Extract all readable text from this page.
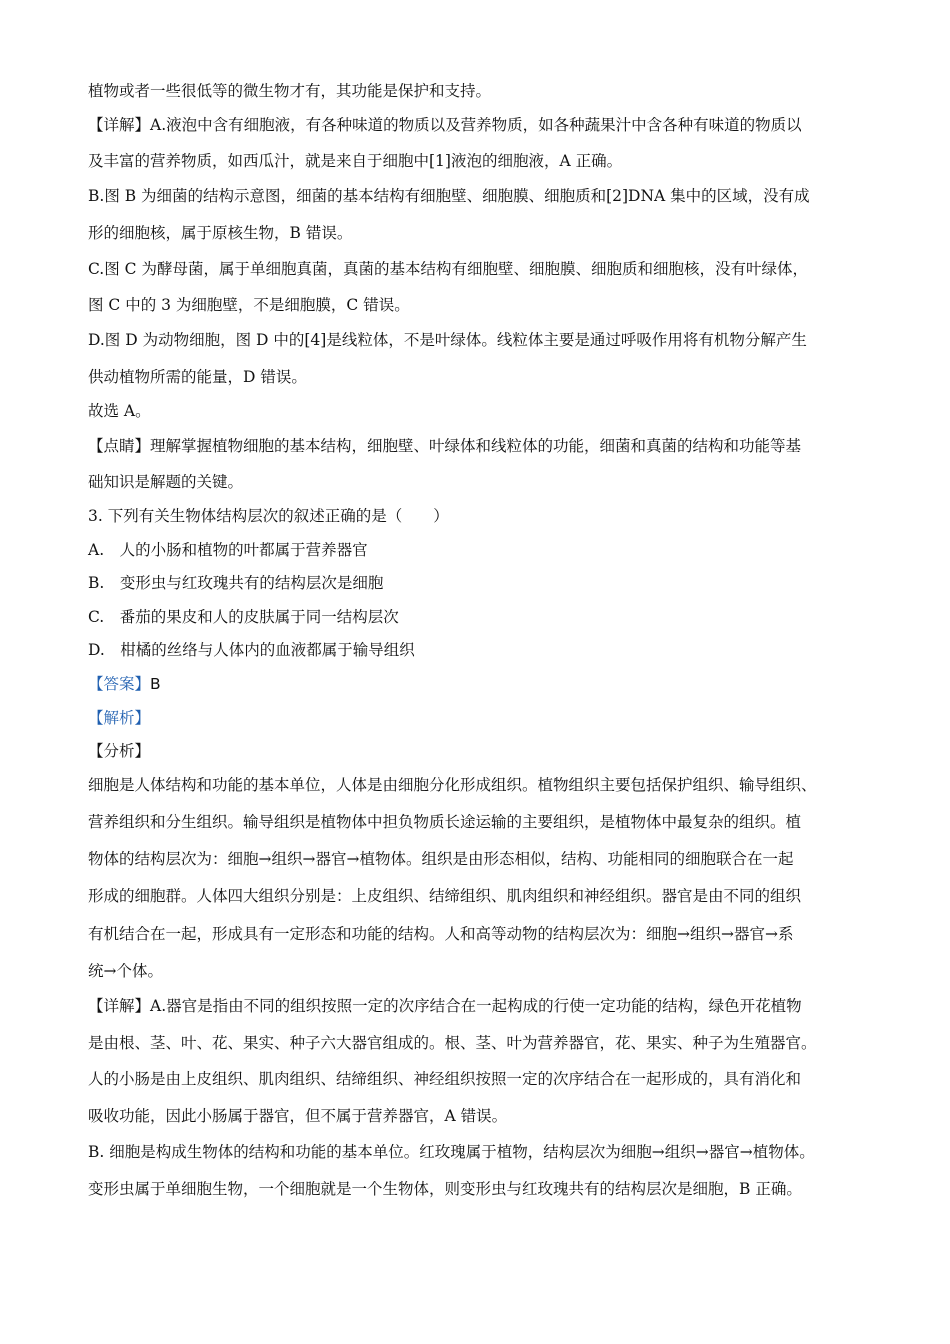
植物或者一些很低等的微生物才有，其功能是保护和支持。
【详解】A.液泡中含有细胞液，有各种味道的物质以及营养物质，如各种蔬果汁中含各种有味道的物质以
及丰富的营养物质，如西瓜汁，就是来自于细胞中[1]液泡的细胞液，A 正确。
B.图 B 为细菌的结构示意图，细菌的基本结构有细胞壁、细胞膜、细胞质和[2]DNA 集中的区域，没有成
形的细胞核，属于原核生物，B 错误。
C.图 C 为酵母菌，属于单细胞真菌，真菌的基本结构有细胞壁、细胞膜、细胞质和细胞核，没有叶绿体，
图 C 中的 3 为细胞壁，不是细胞膜，C 错误。
D.图 D 为动物细胞，图 D 中的[4]是线粒体，不是叶绿体。线粒体主要是通过呼吸作用将有机物分解产生
供动植物所需的能量，D 错误。
故选 A。
【点睛】理解掌握植物细胞的基本结构，细胞壁、叶绿体和线粒体的功能，细菌和真菌的结构和功能等基
础知识是解题的关键。
3. 下列有关生物体结构层次的叙述正确的是（　　）
A.　人的小肠和植物的叶都属于营养器官
B.　变形虫与红玫瑰共有的结构层次是细胞
C.　番茄的果皮和人的皮肤属于同一结构层次
D.　柑橘的丝络与人体内的血液都属于输导组织
【答案】B
【解析】
【分析】
细胞是人体结构和功能的基本单位，人体是由细胞分化形成组织。植物组织主要包括保护组织、输导组织、
营养组织和分生组织。输导组织是植物体中担负物质长途运输的主要组织，是植物体中最复杂的组织。植
物体的结构层次为：细胞→组织→器官→植物体。组织是由形态相似，结构、功能相同的细胞联合在一起
形成的细胞群。人体四大组织分别是：上皮组织、结缔组织、肌肉组织和神经组织。器官是由不同的组织
有机结合在一起，形成具有一定形态和功能的结构。人和高等动物的结构层次为：细胞→组织→器官→系
统→个体。
【详解】A.器官是指由不同的组织按照一定的次序结合在一起构成的行使一定功能的结构，绿色开花植物
是由根、茎、叶、花、果实、种子六大器官组成的。根、茎、叶为营养器官，花、果实、种子为生殖器官。
人的小肠是由上皮组织、肌肉组织、结缔组织、神经组织按照一定的次序结合在一起形成的，具有消化和
吸收功能，因此小肠属于器官，但不属于营养器官，A 错误。
B. 细胞是构成生物体的结构和功能的基本单位。红玫瑰属于植物，结构层次为细胞→组织→器官→植物体。
变形虫属于单细胞生物，一个细胞就是一个生物体，则变形虫与红玫瑰共有的结构层次是细胞，B 正确。
